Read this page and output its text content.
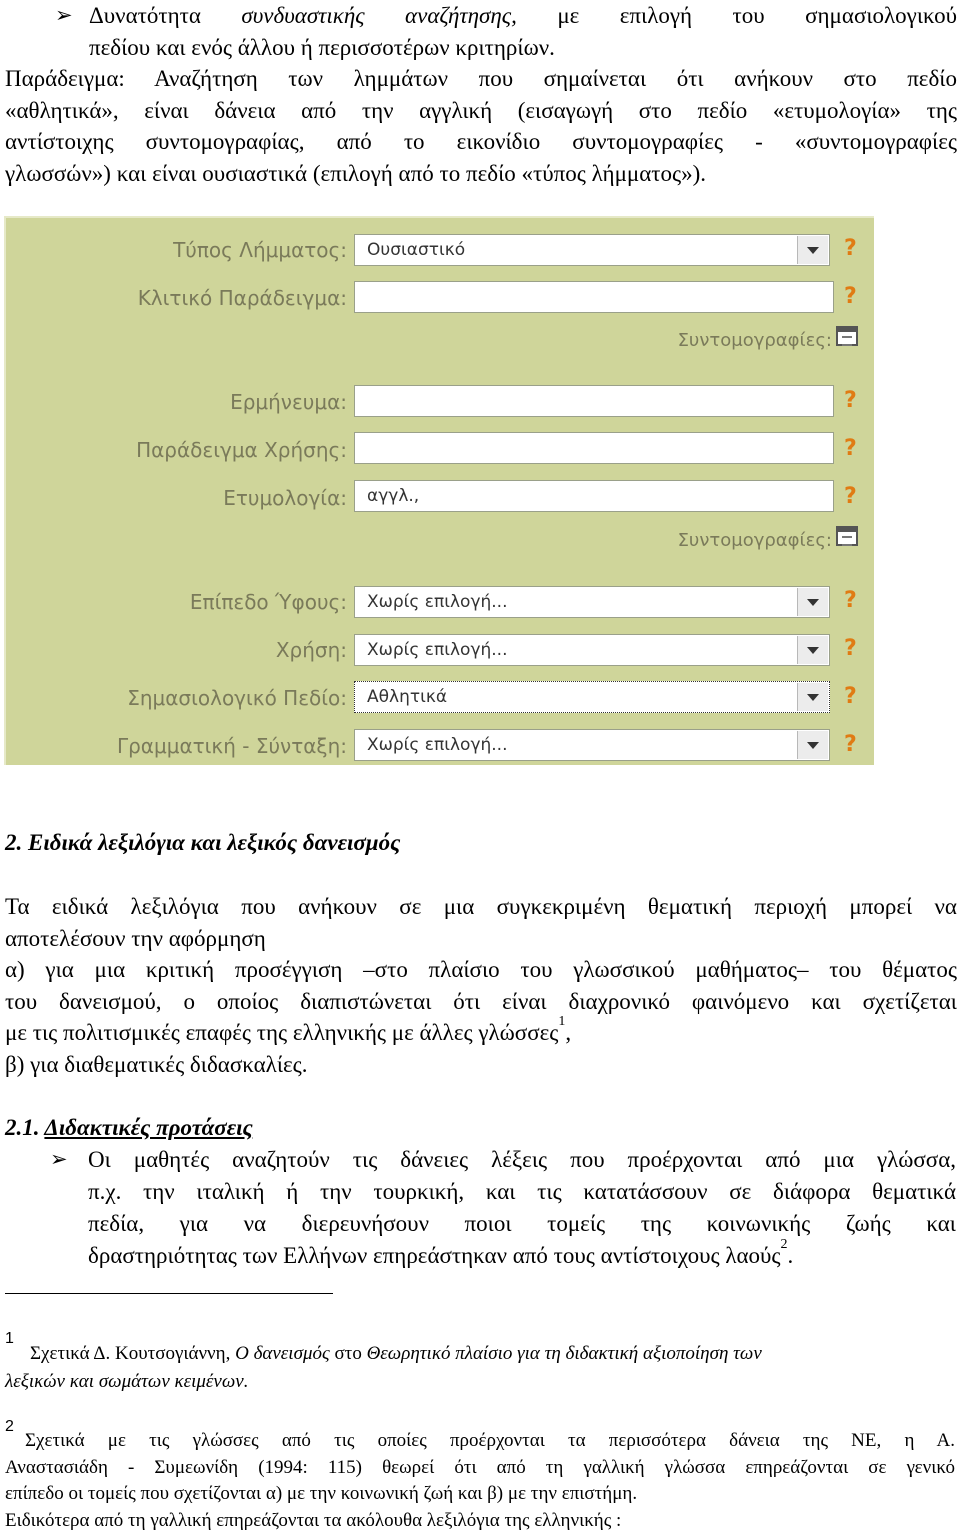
➢ Δυνατότητα συνδυαστικής αναζήτησης, με επιλογή του σημασιολογικού

πεδίου και ενός άλλου ή περισσοτέρων κριτηρίων.

Παράδειγμα: Αναζήτηση των λημμάτων που σημαίνεται ότι ανήκουν στο πεδίο

«αθλητικά», είναι δάνεια από την αγγλική (εισαγωγή στο πεδίο «ετυμολογία» της

αντίστοιχης συντομογραφίας, από το εικονίδιο συντομογραφίες - «συντομογραφίες

γλωσσών») και είναι ουσιαστικά (επιλογή από το πεδίο «τύπος λήμματος»).

Τύπος Λήμματος:	Ουσιαστικό	?
Κλιτικό Παράδειγμα:	?
Συντομογραφίες:
Ερμήνευμα:	?
Παράδειγμα Χρήσης:	?
Ετυμολογία:	αγγλ.,	?
Συντομογραφίες:
Επίπεδο Ύφους:	Χωρίς επιλογή...	?
Χρήση:	Χωρίς επιλογή...	?
Σημασιολογικό Πεδίο:	Αθλητικά	?
Γραμματική - Σύνταξη:	Χωρίς επιλογή...	?

2. Ειδικά λεξιλόγια και λεξικός δανεισμός

Τα ειδικά λεξιλόγια που ανήκουν σε μια συγκεκριμένη θεματική περιοχή μπορεί να

αποτελέσουν την αφόρμηση

α) για μια κριτική προσέγγιση –στο πλαίσιο του γλωσσικού μαθήματος– του θέματος

του δανεισμού, ο οποίος διαπιστώνεται ότι είναι διαχρονικό φαινόμενο και σχετίζεται

με τις πολιτισμικές επαφές της ελληνικής με άλλες γλώσσες$^1$,

β) για διαθεματικές διδασκαλίες.

2.1. Διδακτικές προτάσεις

➢ Οι μαθητές αναζητούν τις δάνειες λέξεις που προέρχονται από μια γλώσσα,

π.χ. την ιταλική ή την τουρκική, και τις κατατάσσουν σε διάφορα θεματικά

πεδία, για να διερευνήσουν ποιοι τομείς της κοινωνικής ζωής και

δραστηριότητας των Ελλήνων επηρεάστηκαν από τους αντίστοιχους λαούς$^2$.

1
Σχετικά Δ. Κουτσογιάννη, Ο δανεισμός στο Θεωρητικό πλαίσιο για τη διδακτική αξιοποίηση των
λεξικών και σωμάτων κειμένων.
2
Σχετικά με τις γλώσσες από τις οποίες προέρχονται τα περισσότερα δάνεια της ΝΕ, η Α.
Αναστασιάδη - Συμεωνίδη (1994: 115) θεωρεί ότι από τη γαλλική γλώσσα επηρεάζονται σε γενικό
επίπεδο οι τομείς που σχετίζονται α) με την κοινωνική ζωή και β) με την επιστήμη.
Ειδικότερα από τη γαλλική επηρεάζονται τα ακόλουθα λεξιλόγια της ελληνικής :
